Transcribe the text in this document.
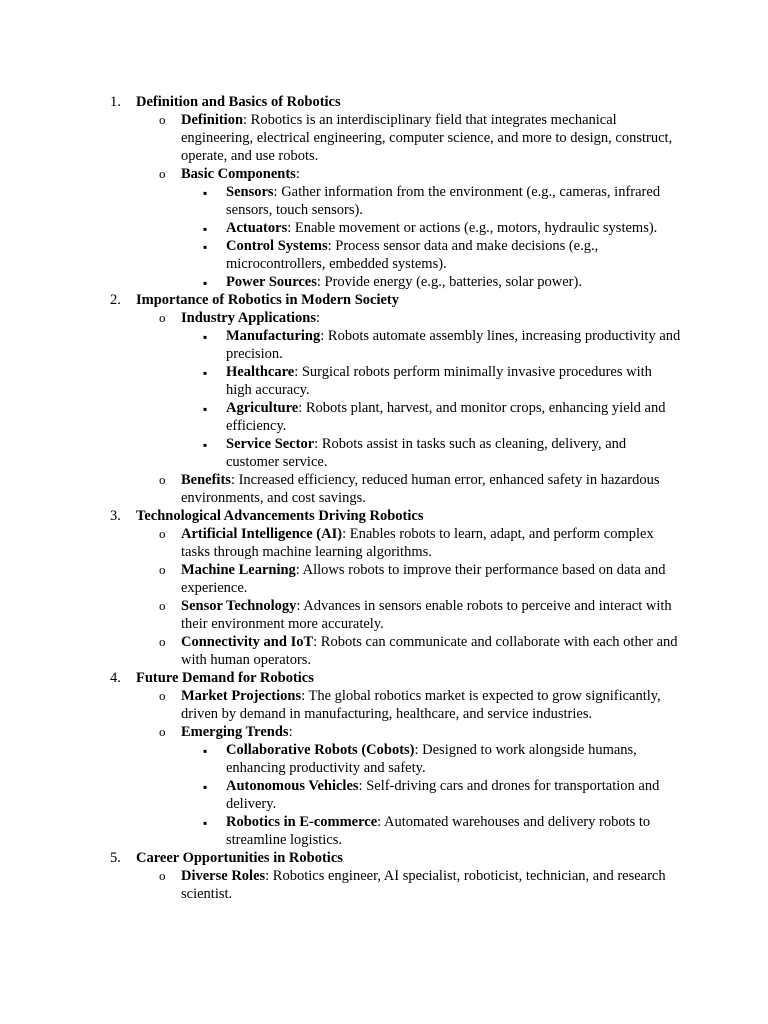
1.	Definition and Basics of Robotics
o Definition: Robotics is an interdisciplinary field that integrates mechanical engineering, electrical engineering, computer science, and more to design, construct, operate, and use robots.
o Basic Components:
▪ Sensors: Gather information from the environment (e.g., cameras, infrared sensors, touch sensors).
▪ Actuators: Enable movement or actions (e.g., motors, hydraulic systems).
▪ Control Systems: Process sensor data and make decisions (e.g., microcontrollers, embedded systems).
▪ Power Sources: Provide energy (e.g., batteries, solar power).
2.	Importance of Robotics in Modern Society
o Industry Applications:
▪ Manufacturing: Robots automate assembly lines, increasing productivity and precision.
▪ Healthcare: Surgical robots perform minimally invasive procedures with high accuracy.
▪ Agriculture: Robots plant, harvest, and monitor crops, enhancing yield and efficiency.
▪ Service Sector: Robots assist in tasks such as cleaning, delivery, and customer service.
o Benefits: Increased efficiency, reduced human error, enhanced safety in hazardous environments, and cost savings.
3.	Technological Advancements Driving Robotics
o Artificial Intelligence (AI): Enables robots to learn, adapt, and perform complex tasks through machine learning algorithms.
o Machine Learning: Allows robots to improve their performance based on data and experience.
o Sensor Technology: Advances in sensors enable robots to perceive and interact with their environment more accurately.
o Connectivity and IoT: Robots can communicate and collaborate with each other and with human operators.
4.	Future Demand for Robotics
o Market Projections: The global robotics market is expected to grow significantly, driven by demand in manufacturing, healthcare, and service industries.
o Emerging Trends:
▪ Collaborative Robots (Cobots): Designed to work alongside humans, enhancing productivity and safety.
▪ Autonomous Vehicles: Self-driving cars and drones for transportation and delivery.
▪ Robotics in E-commerce: Automated warehouses and delivery robots to streamline logistics.
5.	Career Opportunities in Robotics
o Diverse Roles: Robotics engineer, AI specialist, roboticist, technician, and research scientist.
